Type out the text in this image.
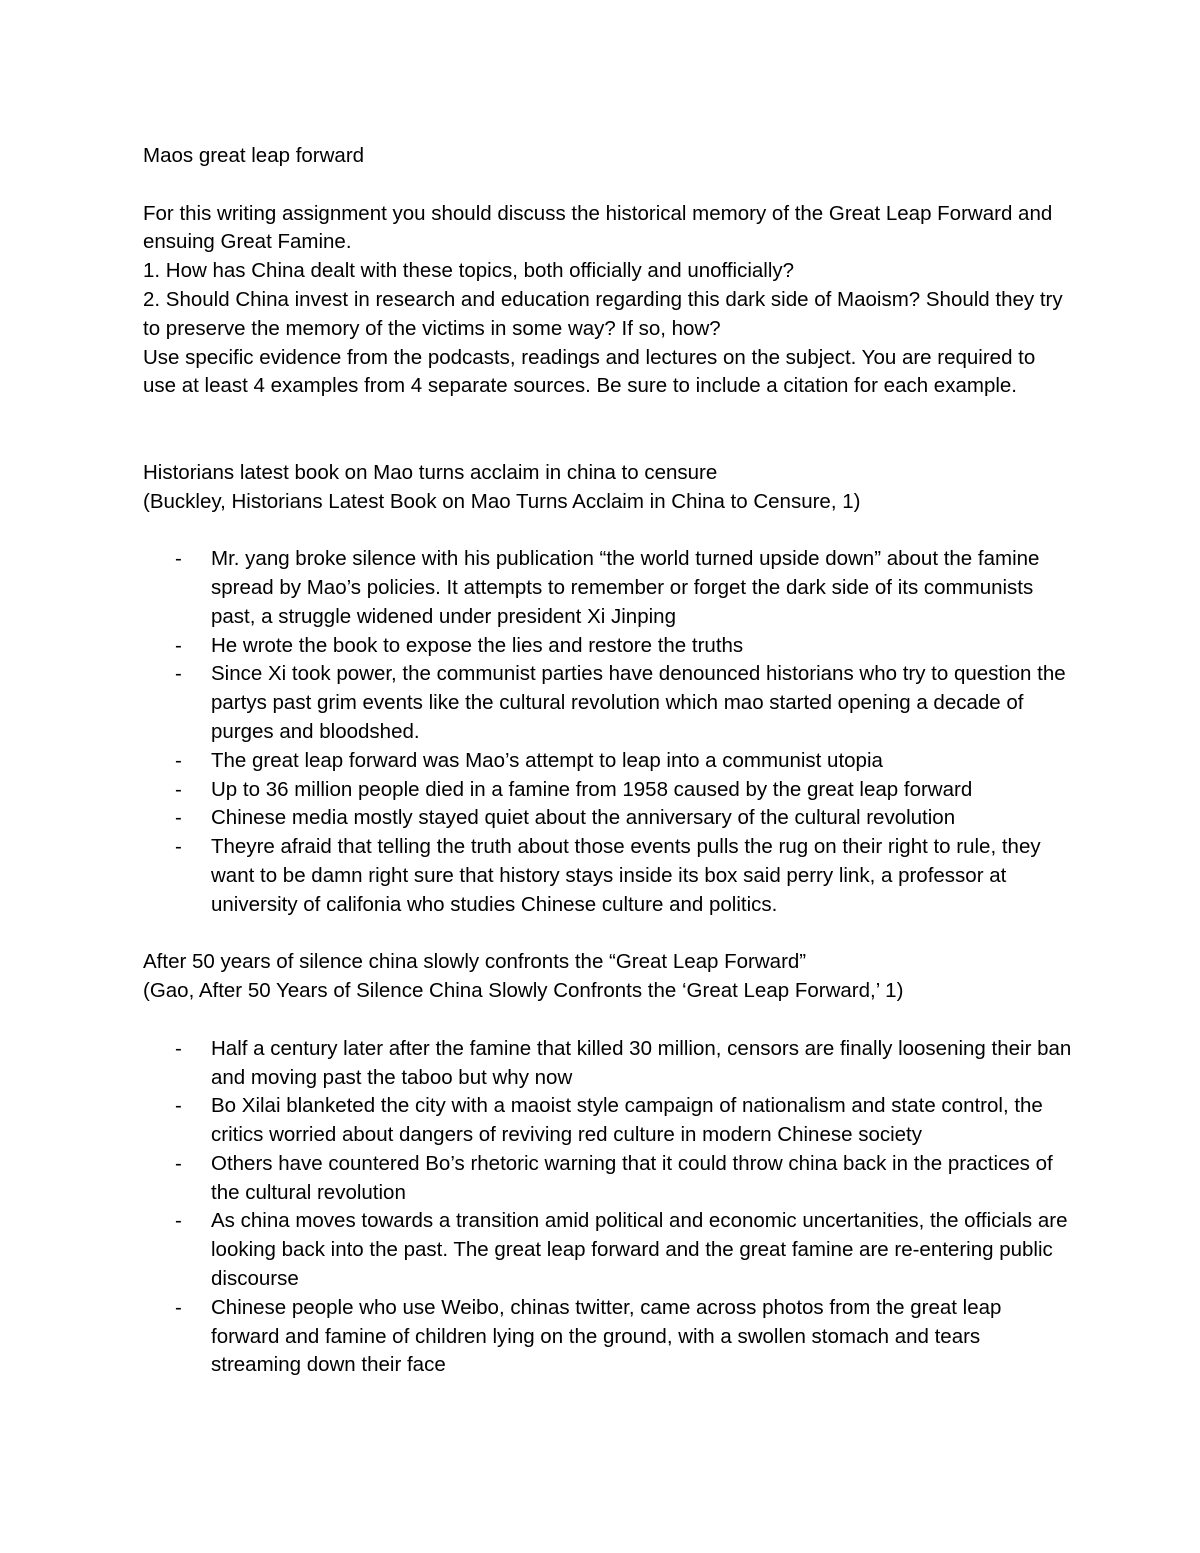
Maos great leap forward

For this writing assignment you should discuss the historical memory of the Great Leap Forward and ensuing Great Famine.

1. How has China dealt with these topics, both officially and unofficially?

2. Should China invest in research and education regarding this dark side of Maoism? Should they try to preserve the memory of the victims in some way? If so, how?

Use specific evidence from the podcasts, readings and lectures on the subject. You are required to use at least 4 examples from 4 separate sources. Be sure to include a citation for each example.

Historians latest book on Mao turns acclaim in china to censure

(Buckley, Historians Latest Book on Mao Turns Acclaim in China to Censure, 1)

- Mr. yang broke silence with his publication “the world turned upside down” about the famine spread by Mao’s policies. It attempts to remember or forget the dark side of its communists past, a struggle widened under president Xi Jinping
- He wrote the book to expose the lies and restore the truths
- Since Xi took power, the communist parties have denounced historians who try to question the partys past grim events like the cultural revolution which mao started opening a decade of purges and bloodshed.
- The great leap forward was Mao’s attempt to leap into a communist utopia
- Up to 36 million people died in a famine from 1958 caused by the great leap forward
- Chinese media mostly stayed quiet about the anniversary of the cultural revolution
- Theyre afraid that telling the truth about those events pulls the rug on their right to rule, they want to be damn right sure that history stays inside its box said perry link, a professor at university of califonia who studies Chinese culture and politics.

After 50 years of silence china slowly confronts the “Great Leap Forward”

(Gao, After 50 Years of Silence China Slowly Confronts the ‘Great Leap Forward,’ 1)

- Half a century later after the famine that killed 30 million, censors are finally loosening their ban and moving past the taboo but why now
- Bo Xilai blanketed the city with a maoist style campaign of nationalism and state control, the critics worried about dangers of reviving red culture in modern Chinese society
- Others have countered Bo’s rhetoric warning that it could throw china back in the practices of the cultural revolution
- As china moves towards a transition amid political and economic uncertanities, the officials are looking back into the past. The great leap forward and the great famine are re-entering public discourse
- Chinese people who use Weibo, chinas twitter, came across photos from the great leap forward and famine of children lying on the ground, with a swollen stomach and tears streaming down their face
